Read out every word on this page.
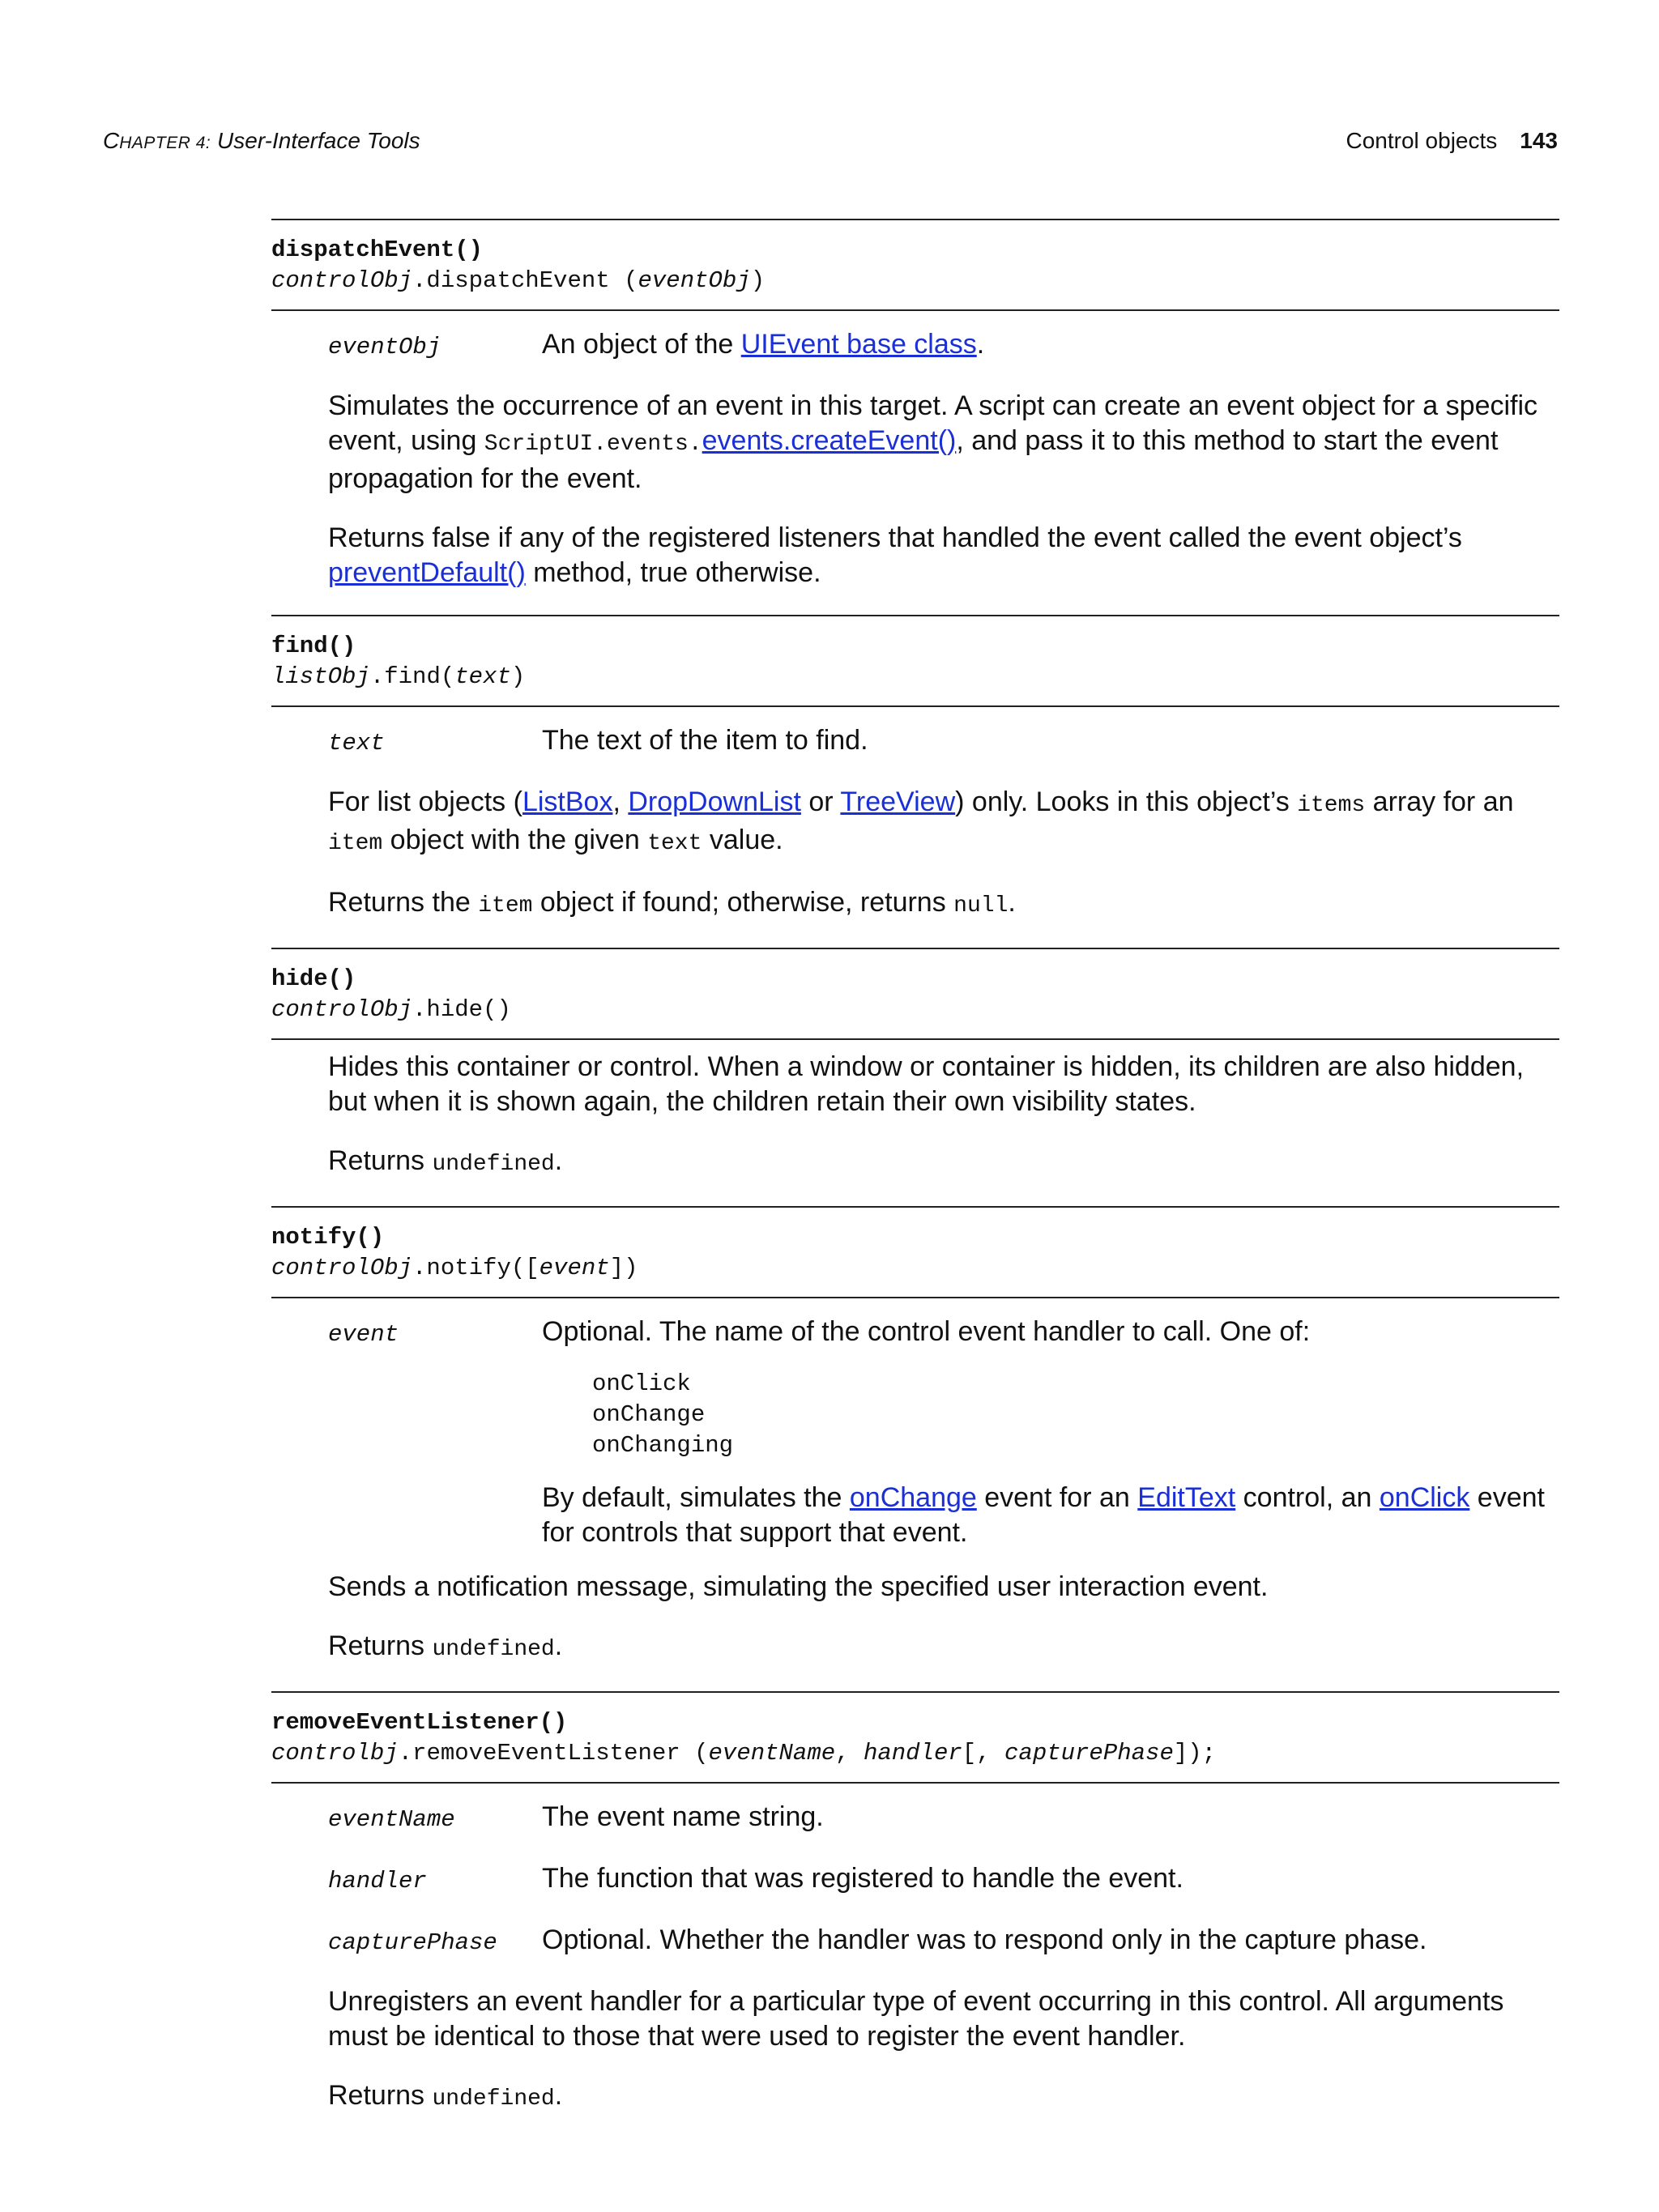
CHAPTER 4: User-Interface Tools	Control objects 143
dispatchEvent()
controlObj.dispatchEvent (eventObj)
eventObj	An object of the UIEvent base class.

Simulates the occurrence of an event in this target. A script can create an event object for a specific event, using ScriptUI.events.events.createEvent(), and pass it to this method to start the event propagation for the event.

Returns false if any of the registered listeners that handled the event called the event object’s preventDefault() method, true otherwise.

find()
listObj.find(text)
text	The text of the item to find.

For list objects (ListBox, DropDownList or TreeView) only. Looks in this object’s items array for an item object with the given text value.

Returns the item object if found; otherwise, returns null.

hide()
controlObj.hide()

Hides this container or control. When a window or container is hidden, its children are also hidden, but when it is shown again, the children retain their own visibility states.

Returns undefined.

notify()
controlObj.notify([event])
event	Optional. The name of the control event handler to call. One of:
onClick
onChange
onChanging
By default, simulates the onChange event for an EditText control, an onClick event for controls that support that event.

Sends a notification message, simulating the specified user interaction event.

Returns undefined.

removeEventListener()
controlbj.removeEventListener (eventName, handler[, capturePhase]);
eventName	The event name string.
handler	The function that was registered to handle the event.
capturePhase	Optional. Whether the handler was to respond only in the capture phase.

Unregisters an event handler for a particular type of event occurring in this control. All arguments must be identical to those that were used to register the event handler.

Returns undefined.
